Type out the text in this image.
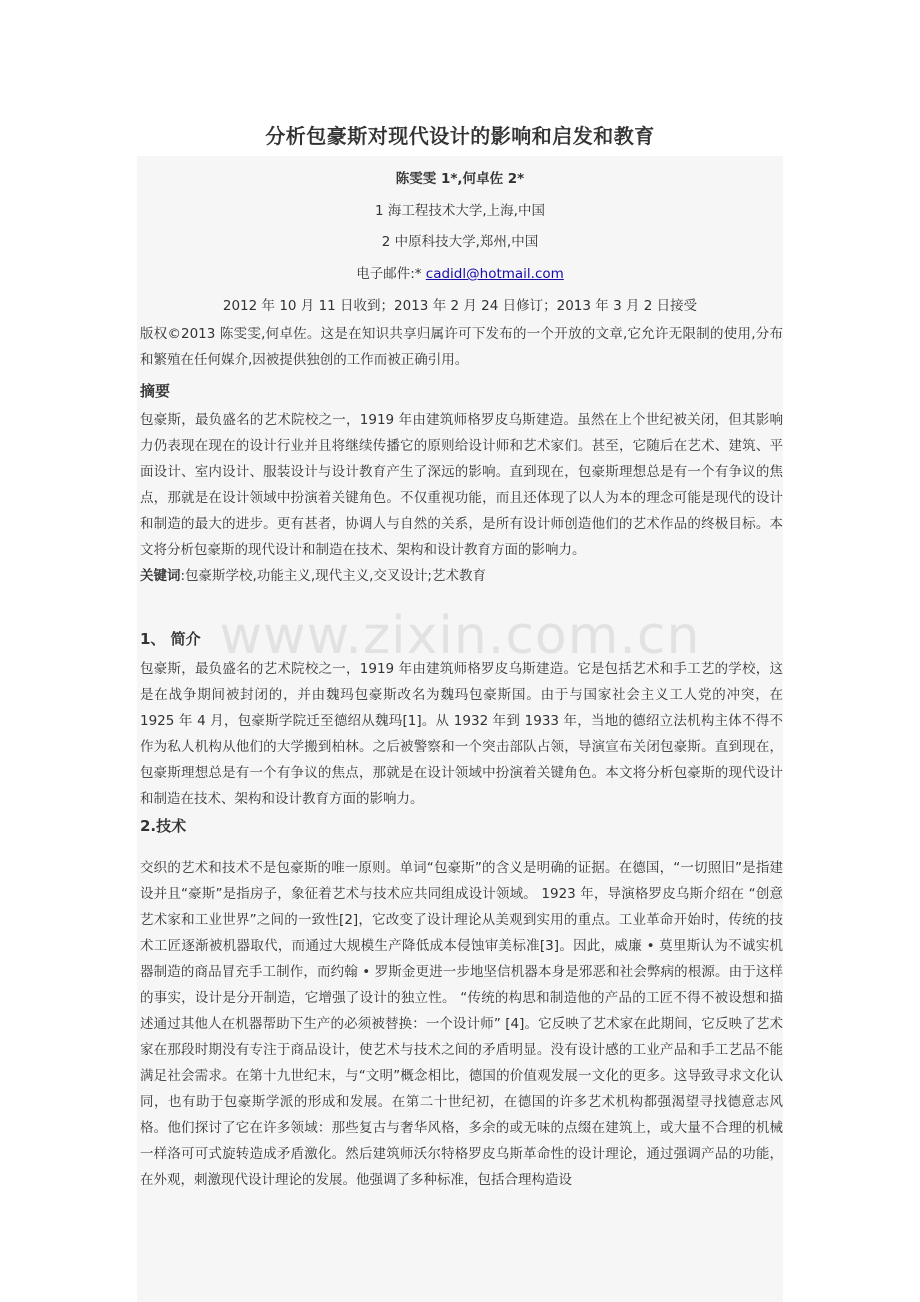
分析包豪斯对现代设计的影响和启发和教育
陈雯雯 1*,何卓佐 2*
1 海工程技术大学,上海,中国
2 中原科技大学,郑州,中国
电子邮件:* cadidl@hotmail.com
2012 年 10 月 11 日收到；2013 年 2 月 24 日修订；2013 年 3 月 2 日接受
版权©2013 陈雯雯,何卓佐。这是在知识共享归属许可下发布的一个开放的文章,它允许无限制的使用,分布和繁殖在任何媒介,因被提供独创的工作而被正确引用。
摘要
包豪斯，最负盛名的艺术院校之一，1919 年由建筑师格罗皮乌斯建造。虽然在上个世纪被关闭，但其影响力仍表现在现在的设计行业并且将继续传播它的原则给设计师和艺术家们。甚至，它随后在艺术、建筑、平面设计、室内设计、服装设计与设计教育产生了深远的影响。直到现在，包豪斯理想总是有一个有争议的焦点，那就是在设计领域中扮演着关键角色。不仅重视功能，而且还体现了以人为本的理念可能是现代的设计和制造的最大的进步。更有甚者，协调人与自然的关系，是所有设计师创造他们的艺术作品的终极目标。本文将分析包豪斯的现代设计和制造在技术、架构和设计教育方面的影响力。
关键词:包豪斯学校,功能主义,现代主义,交叉设计;艺术教育
www.zixin.com.cn
1、 简介
包豪斯，最负盛名的艺术院校之一，1919 年由建筑师格罗皮乌斯建造。它是包括艺术和手工艺的学校，这是在战争期间被封闭的，并由魏玛包豪斯改名为魏玛包豪斯国。由于与国家社会主义工人党的冲突，在 1925 年 4 月，包豪斯学院迁至德绍从魏玛[1]。从 1932 年到 1933 年，当地的德绍立法机构主体不得不作为私人机构从他们的大学搬到柏林。之后被警察和一个突击部队占领，导演宣布关闭包豪斯。直到现在，包豪斯理想总是有一个有争议的焦点，那就是在设计领域中扮演着关键角色。本文将分析包豪斯的现代设计和制造在技术、架构和设计教育方面的影响力。
2.技术
交织的艺术和技术不是包豪斯的唯一原则。单词“包豪斯”的含义是明确的证据。在德国，“一切照旧”是指建设并且“豪斯”是指房子，象征着艺术与技术应共同组成设计领域。 1923 年，导演格罗皮乌斯介绍在 “创意艺术家和工业世界”之间的一致性[2]，它改变了设计理论从美观到实用的重点。工业革命开始时，传统的技术工匠逐渐被机器取代，而通过大规模生产降低成本侵蚀审美标准[3]。因此，威廉 • 莫里斯认为不诚实机器制造的商品冒充手工制作，而约翰 • 罗斯金更进一步地坚信机器本身是邪恶和社会弊病的根源。由于这样的事实，设计是分开制造，它增强了设计的独立性。 “传统的构思和制造他的产品的工匠不得不被设想和描述通过其他人在机器帮助下生产的必须被替换：一个设计师” [4]。它反映了艺术家在此期间，它反映了艺术家在那段时期没有专注于商品设计，使艺术与技术之间的矛盾明显。没有设计感的工业产品和手工艺品不能满足社会需求。在第十九世纪末，与“文明”概念相比，德国的价值观发展一文化的更多。这导致寻求文化认同，也有助于包豪斯学派的形成和发展。在第二十世纪初，在德国的许多艺术机构都强渴望寻找德意志风格。他们探讨了它在许多领域：那些复古与奢华风格，多余的或无味的点缀在建筑上，或大量不合理的机械一样洛可可式旋转造成矛盾激化。然后建筑师沃尔特格罗皮乌斯革命性的设计理论，通过强调产品的功能，在外观，刺激现代设计理论的发展。他强调了多种标准，包括合理构造设
